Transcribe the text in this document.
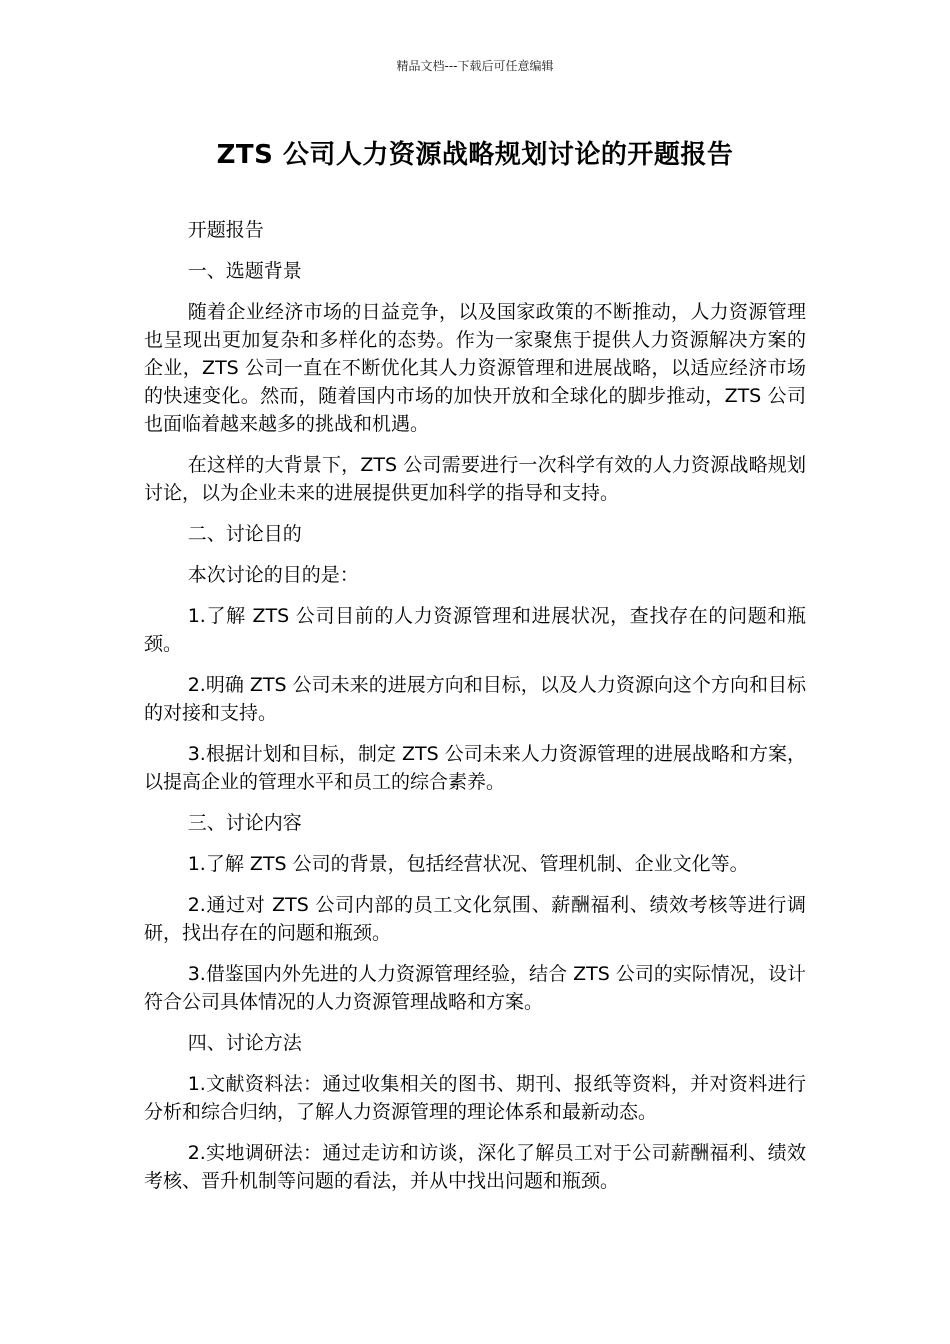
精品文档---下载后可任意编辑
ZTS 公司人力资源战略规划讨论的开题报告

开题报告

一、选题背景

随着企业经济市场的日益竞争，以及国家政策的不断推动，人力资源管理也呈现出更加复杂和多样化的态势。作为一家聚焦于提供人力资源解决方案的企业，ZTS 公司一直在不断优化其人力资源管理和进展战略，以适应经济市场的快速变化。然而，随着国内市场的加快开放和全球化的脚步推动，ZTS 公司也面临着越来越多的挑战和机遇。

在这样的大背景下，ZTS 公司需要进行一次科学有效的人力资源战略规划讨论，以为企业未来的进展提供更加科学的指导和支持。

二、讨论目的

本次讨论的目的是：

1.了解 ZTS 公司目前的人力资源管理和进展状况，查找存在的问题和瓶颈。

2.明确 ZTS 公司未来的进展方向和目标，以及人力资源向这个方向和目标的对接和支持。

3.根据计划和目标，制定 ZTS 公司未来人力资源管理的进展战略和方案，以提高企业的管理水平和员工的综合素养。

三、讨论内容

1.了解 ZTS 公司的背景，包括经营状况、管理机制、企业文化等。

2.通过对 ZTS 公司内部的员工文化氛围、薪酬福利、绩效考核等进行调研，找出存在的问题和瓶颈。

3.借鉴国内外先进的人力资源管理经验，结合 ZTS 公司的实际情况，设计符合公司具体情况的人力资源管理战略和方案。

四、讨论方法

1.文献资料法：通过收集相关的图书、期刊、报纸等资料，并对资料进行分析和综合归纳，了解人力资源管理的理论体系和最新动态。

2.实地调研法：通过走访和访谈，深化了解员工对于公司薪酬福利、绩效考核、晋升机制等问题的看法，并从中找出问题和瓶颈。
